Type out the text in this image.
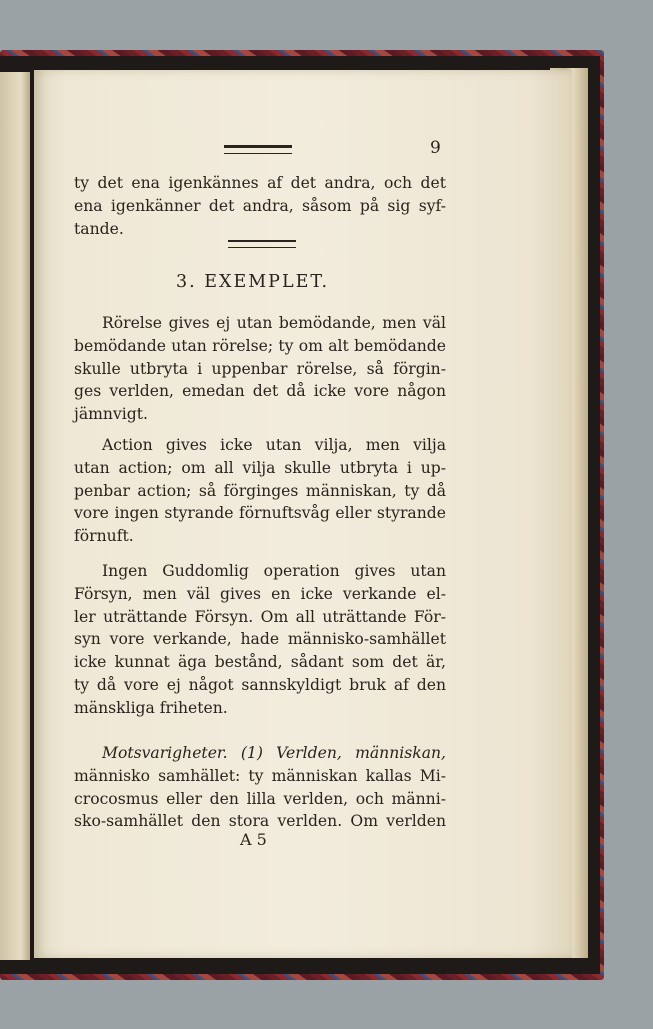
9
ty det ena igenkännes af det andra, och det
ena igenkänner det andra, såsom på sig syf-
tande.
3. EXEMPLET.
Rörelse gives ej utan bemödande, men väl
bemödande utan rörelse; ty om alt bemödande
skulle utbryta i uppenbar rörelse, så förgin-
ges verlden, emedan det då icke vore någon
jämnvigt.
Action gives icke utan vilja, men vilja
utan action; om all vilja skulle utbryta i up-
penbar action; så förginges människan, ty då
vore ingen styrande förnuftsvåg eller styrande
förnuft.
Ingen Guddomlig operation gives utan
Försyn, men väl gives en icke verkande el-
ler uträttande Försyn. Om all uträttande För-
syn vore verkande, hade människo-samhället
icke kunnat äga bestånd, sådant som det är,
ty då vore ej något sannskyldigt bruk af den
mänskliga friheten.
Motsvarigheter. (1) Verlden, människan,
människo samhället: ty människan kallas Mi-
crocosmus eller den lilla verlden, och männi-
sko-samhället den stora verlden. Om verlden
A 5
